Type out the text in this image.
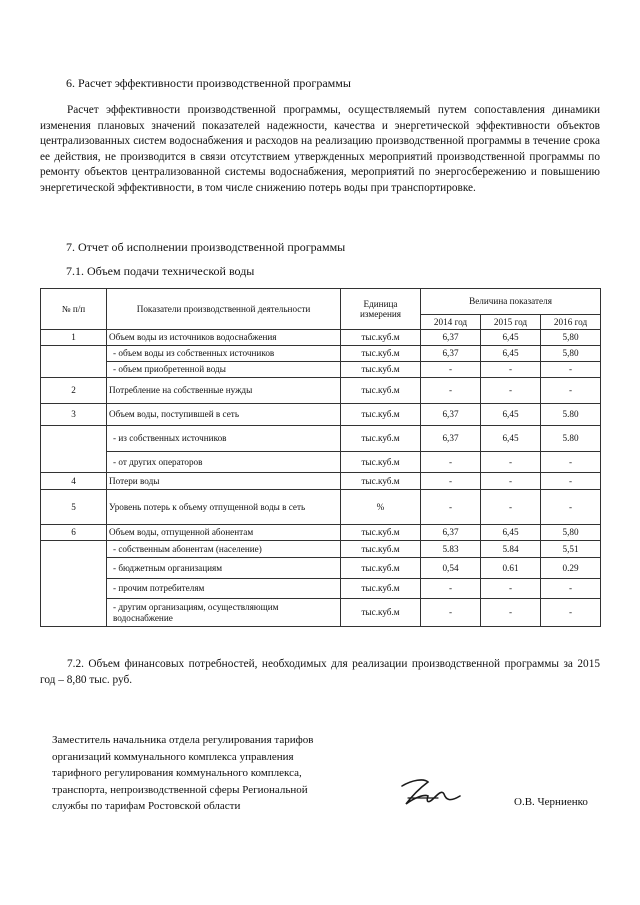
6. Расчет эффективности производственной программы
Расчет эффективности производственной программы, осуществляемый путем сопоставления динамики изменения плановых значений показателей надежности, качества и энергетической эффективности объектов централизованных систем водоснабжения и расходов на реализацию производственной программы в течение срока ее действия, не производится в связи отсутствием утвержденных мероприятий производственной программы по ремонту объектов централизованной системы водоснабжения, мероприятий по энергосбережению и повышению энергетической эффективности, в том числе снижению потерь воды при транспортировке.
7. Отчет об исполнении производственной программы
7.1. Объем подачи технической воды
№ п/п	Показатели производственной деятельности	Единица измерения	Величина показателя		
			2014 год	2015 год	2016 год
1	Объем воды из источников водоснабжения	тыс.куб.м	6,37	6,45	5,80
	- объем воды из собственных источников	тыс.куб.м	6,37	6,45	5,80
	- объем приобретенной воды	тыс.куб.м	-	-	-
2	Потребление на собственные нужды	тыс.куб.м	-	-	-
3	Объем воды, поступившей в сеть	тыс.куб.м	6,37	6,45	5.80
	- из собственных источников	тыс.куб.м	6,37	6,45	5.80
	- от других операторов	тыс.куб.м	-	-	-
4	Потери воды	тыс.куб.м	-	-	-
5	Уровень потерь к объему отпущенной воды в сеть	%	-	-	-
6	Объем воды, отпущенной абонентам	тыс.куб.м	6,37	6,45	5,80
	- собственным абонентам (население)	тыс.куб.м	5.83	5.84	5,51
	- бюджетным организациям	тыс.куб.м	0,54	0.61	0.29
	- прочим потребителям	тыс.куб.м	-	-	-
	- другим организациям, осуществляющим водоснабжение	тыс.куб.м	-	-	-
7.2. Объем финансовых потребностей, необходимых для реализации производственной программы за 2015 год – 8,80 тыс. руб.
Заместитель начальника отдела регулирования тарифов
организаций коммунального комплекса управления
тарифного регулирования коммунального комплекса,
транспорта, непроизводственной сферы Региональной
службы по тарифам Ростовской области	О.В. Черниенко
